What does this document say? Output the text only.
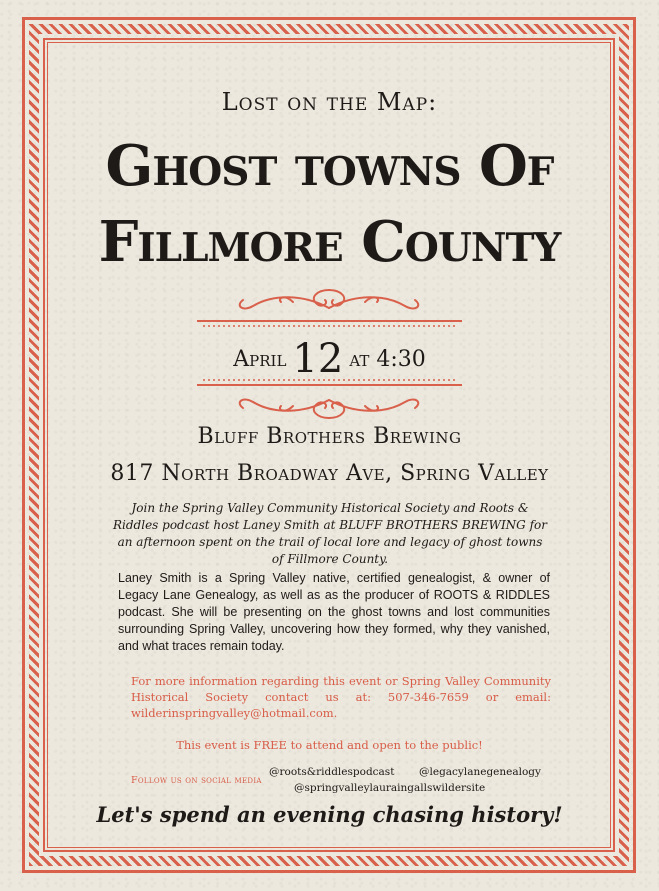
Lost on the Map:
Ghost towns Of
Fillmore County
April 12 at 4:30
Bluff Brothers Brewing
817 North Broadway Ave, Spring Valley
Join the Spring Valley Community Historical Society and Roots & Riddles podcast host Laney Smith at BLUFF BROTHERS BREWING for an afternoon spent on the trail of local lore and legacy of ghost towns of Fillmore County.
Laney Smith is a Spring Valley native, certified genealogist, & owner of Legacy Lane Genealogy, as well as as the producer of ROOTS & RIDDLES podcast. She will be presenting on the ghost towns and lost communities surrounding Spring Valley, uncovering how they formed, why they vanished, and what traces remain today.
For more information regarding this event or Spring Valley Community Historical Society contact us at: 507-346-7659 or email: wilderinspringvalley@hotmail.com.
This event is FREE to attend and open to the public!
Follow us on social media
@roots&riddlespodcast @legacylanegenealogy
@springvalleylauraingallswildersite
Let's spend an evening chasing history!
